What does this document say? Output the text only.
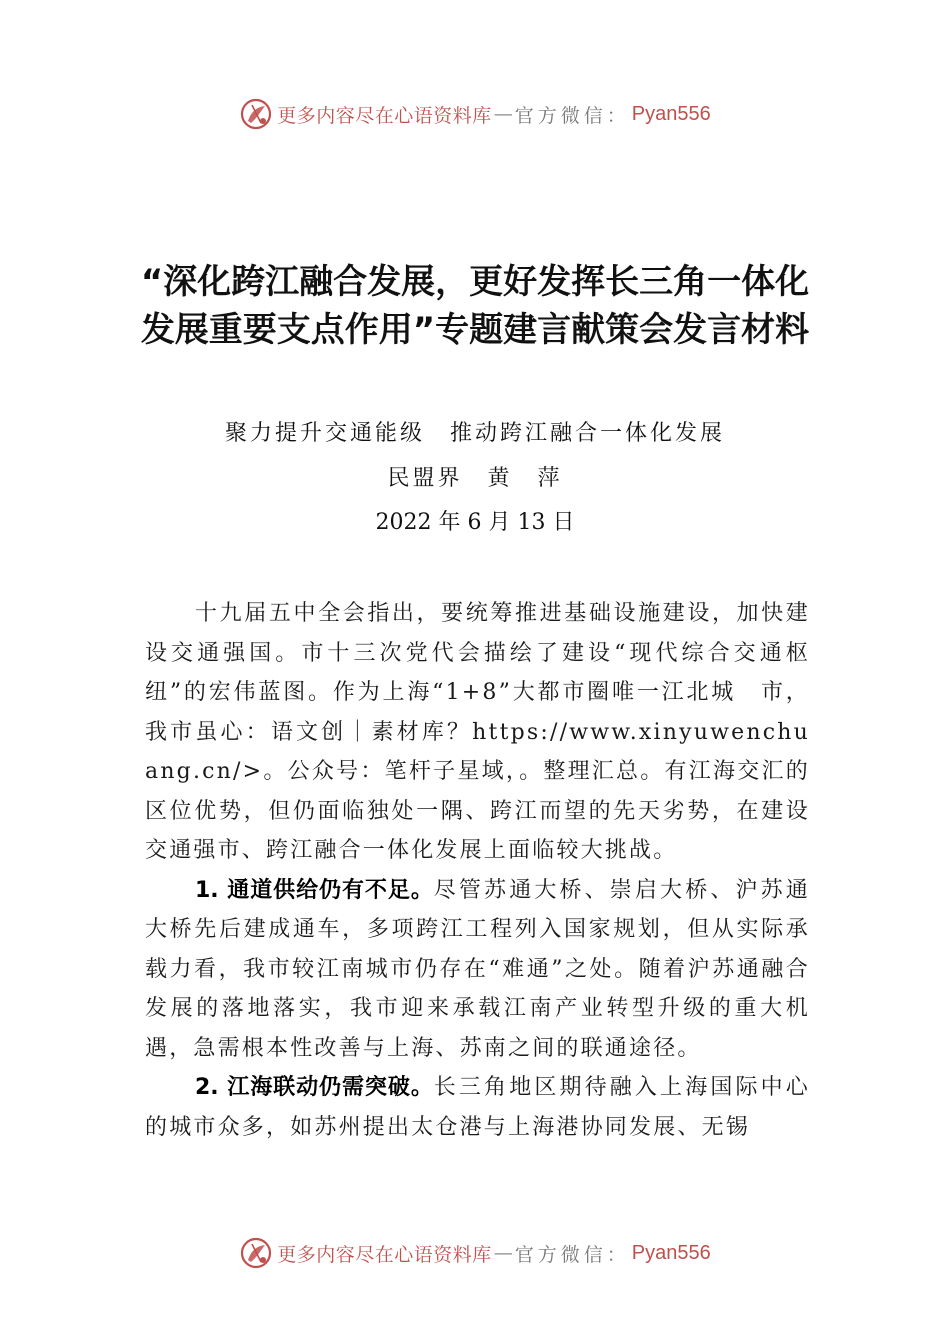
更多内容尽在心语资料库 — 官方微信： Pyan556
“深化跨江融合发展，更好发挥长三角一体化发展重要支点作用”专题建言献策会发言材料

聚力提升交通能级　推动跨江融合一体化发展

民盟界　黄　萍

2022 年 6 月 13 日

十九届五中全会指出，要统筹推进基础设施建设，加快建设交通强国。市十三次党代会描绘了建设“现代综合交通枢纽”的宏伟蓝图。作为上海“1+8”大都市圈唯一江北城　市，我市虽心：语文创｜素材库？https://www.xinyuwenchuang.cn/>。公众号：笔杆子星域，。整理汇总。有江海交汇的区位优势，但仍面临独处一隅、跨江而望的先天劣势，在建设交通强市、跨江融合一体化发展上面临较大挑战。

1. 通道供给仍有不足。尽管苏通大桥、崇启大桥、沪苏通大桥先后建成通车，多项跨江工程列入国家规划，但从实际承载力看，我市较江南城市仍存在“难通”之处。随着沪苏通融合发展的落地落实，我市迎来承载江南产业转型升级的重大机遇，急需根本性改善与上海、苏南之间的联通途径。

2. 江海联动仍需突破。长三角地区期待融入上海国际中心的城市众多，如苏州提出太仓港与上海港协同发展、无锡

更多内容尽在心语资料库 — 官方微信： Pyan556
